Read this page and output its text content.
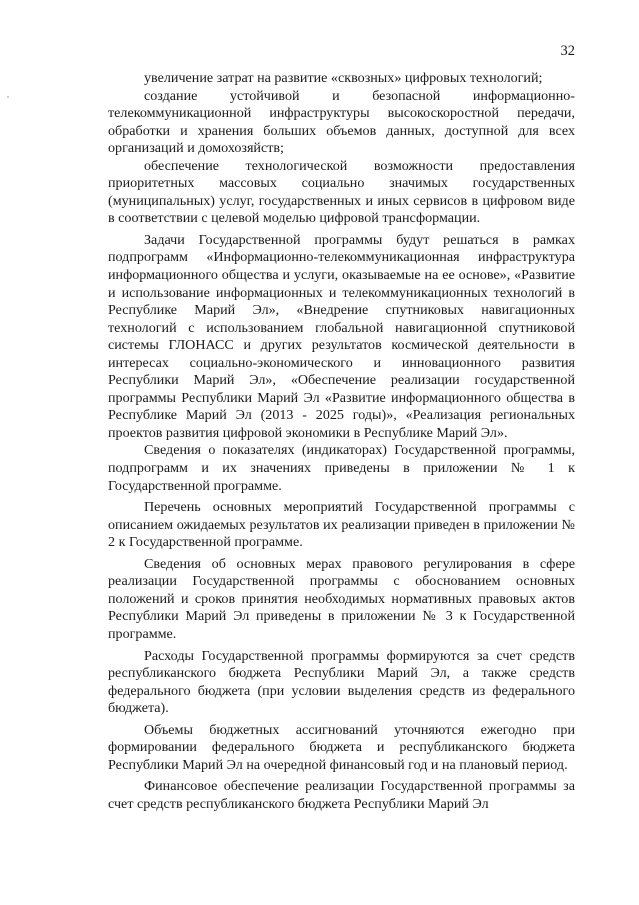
32

увеличение затрат на развитие «сквозных» цифровых технологий;

создание устойчивой и безопасной информационно-телекоммуникационной инфраструктуры высокоскоростной передачи, обработки и хранения больших объемов данных, доступной для всех организаций и домохозяйств;

обеспечение технологической возможности предоставления приоритетных массовых социально значимых государственных (муниципальных) услуг, государственных и иных сервисов в цифровом виде в соответствии с целевой моделью цифровой трансформации.

Задачи Государственной программы будут решаться в рамках подпрограмм «Информационно-телекоммуникационная инфраструктура информационного общества и услуги, оказываемые на ее основе», «Развитие и использование информационных и телекоммуникационных технологий в Республике Марий Эл», «Внедрение спутниковых навигационных технологий с использованием глобальной навигационной спутниковой системы ГЛОНАСС и других результатов космической деятельности в интересах социально-экономического и инновационного развития Республики Марий Эл», «Обеспечение реализации государственной программы Республики Марий Эл «Развитие информационного общества в Республике Марий Эл (2013 - 2025 годы)», «Реализация региональных проектов развития цифровой экономики в Республике Марий Эл».

Сведения о показателях (индикаторах) Государственной программы, подпрограмм и их значениях приведены в приложении № 1 к Государственной программе.

Перечень основных мероприятий Государственной программы с описанием ожидаемых результатов их реализации приведен в приложении № 2 к Государственной программе.

Сведения об основных мерах правового регулирования в сфере реализации Государственной программы с обоснованием основных положений и сроков принятия необходимых нормативных правовых актов Республики Марий Эл приведены в приложении № 3 к Государственной программе.

Расходы Государственной программы формируются за счет средств республиканского бюджета Республики Марий Эл, а также средств федерального бюджета (при условии выделения средств из федерального бюджета).

Объемы бюджетных ассигнований уточняются ежегодно при формировании федерального бюджета и республиканского бюджета Республики Марий Эл на очередной финансовый год и на плановый период.

Финансовое обеспечение реализации Государственной программы за счет средств республиканского бюджета Республики Марий Эл
